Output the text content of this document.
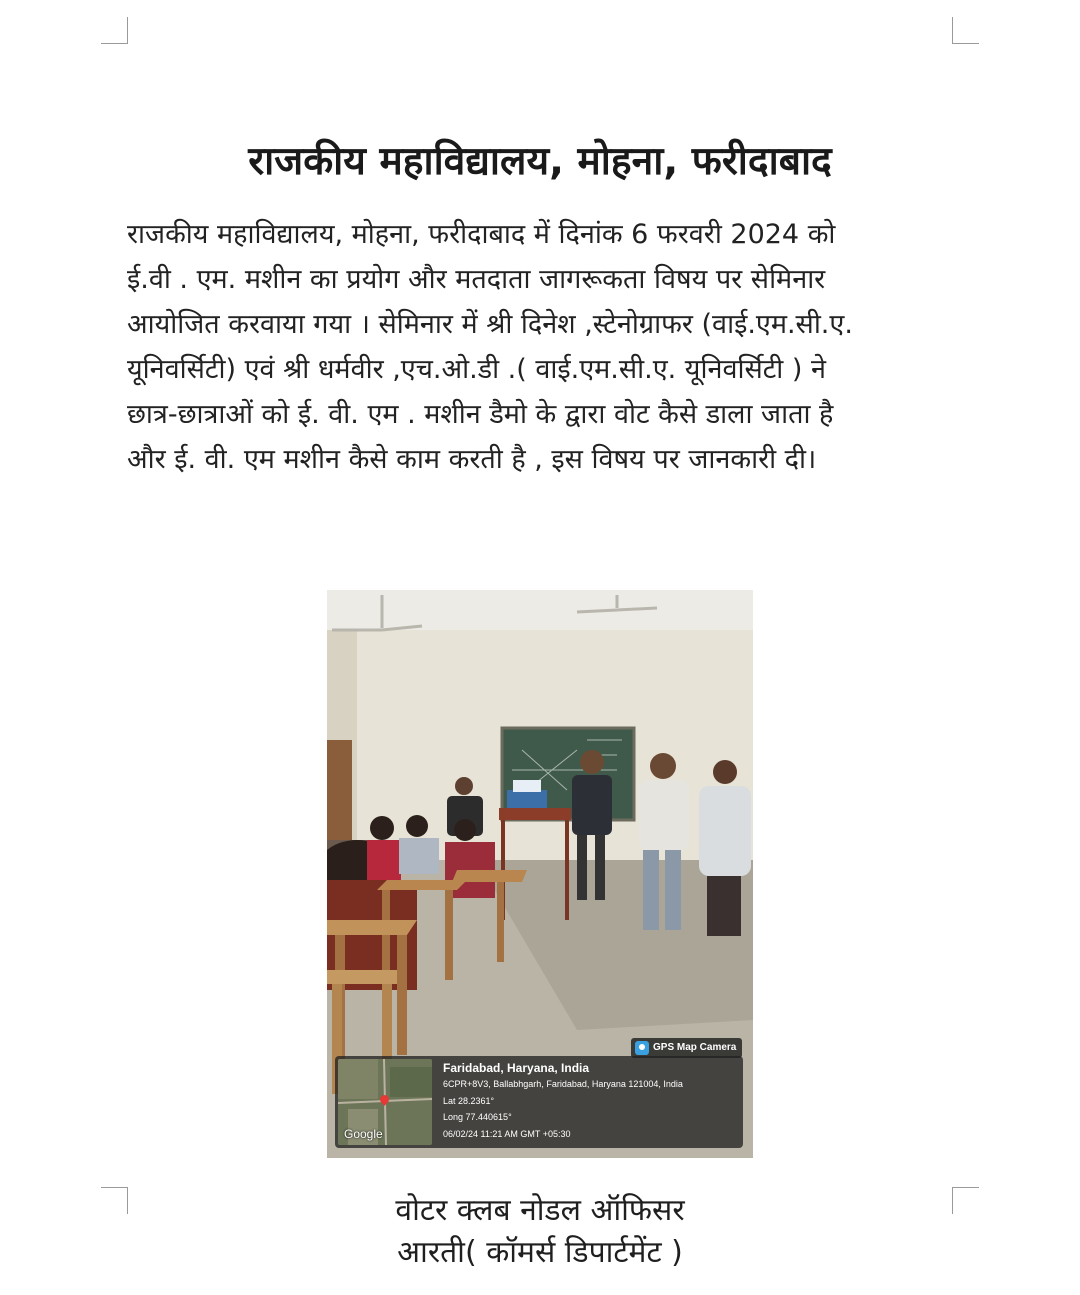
राजकीय महाविद्यालय, मोहना, फरीदाबाद
राजकीय महाविद्यालय, मोहना, फरीदाबाद में दिनांक 6 फरवरी 2024 को
ई.वी . एम. मशीन का प्रयोग और मतदाता जागरूकता विषय पर सेमिनार
आयोजित करवाया गया । सेमिनार में श्री दिनेश ,स्टेनोग्राफर (वाई.एम.सी.ए.
यूनिवर्सिटी) एवं श्री धर्मवीर ,एच.ओ.डी .( वाई.एम.सी.ए. यूनिवर्सिटी ) ने
छात्र-छात्राओं को ई. वी. एम . मशीन डैमो के द्वारा वोट कैसे डाला जाता है
और ई. वी. एम मशीन कैसे काम करती है , इस विषय पर जानकारी दी।
GPS Map Camera
Google
Faridabad, Haryana, India
6CPR+8V3, Ballabhgarh, Faridabad, Haryana 121004, India
Lat 28.2361°
Long 77.440615°
06/02/24 11:21 AM GMT +05:30
वोटर क्लब नोडल ऑफिसर
आरती( कॉमर्स डिपार्टमेंट )
